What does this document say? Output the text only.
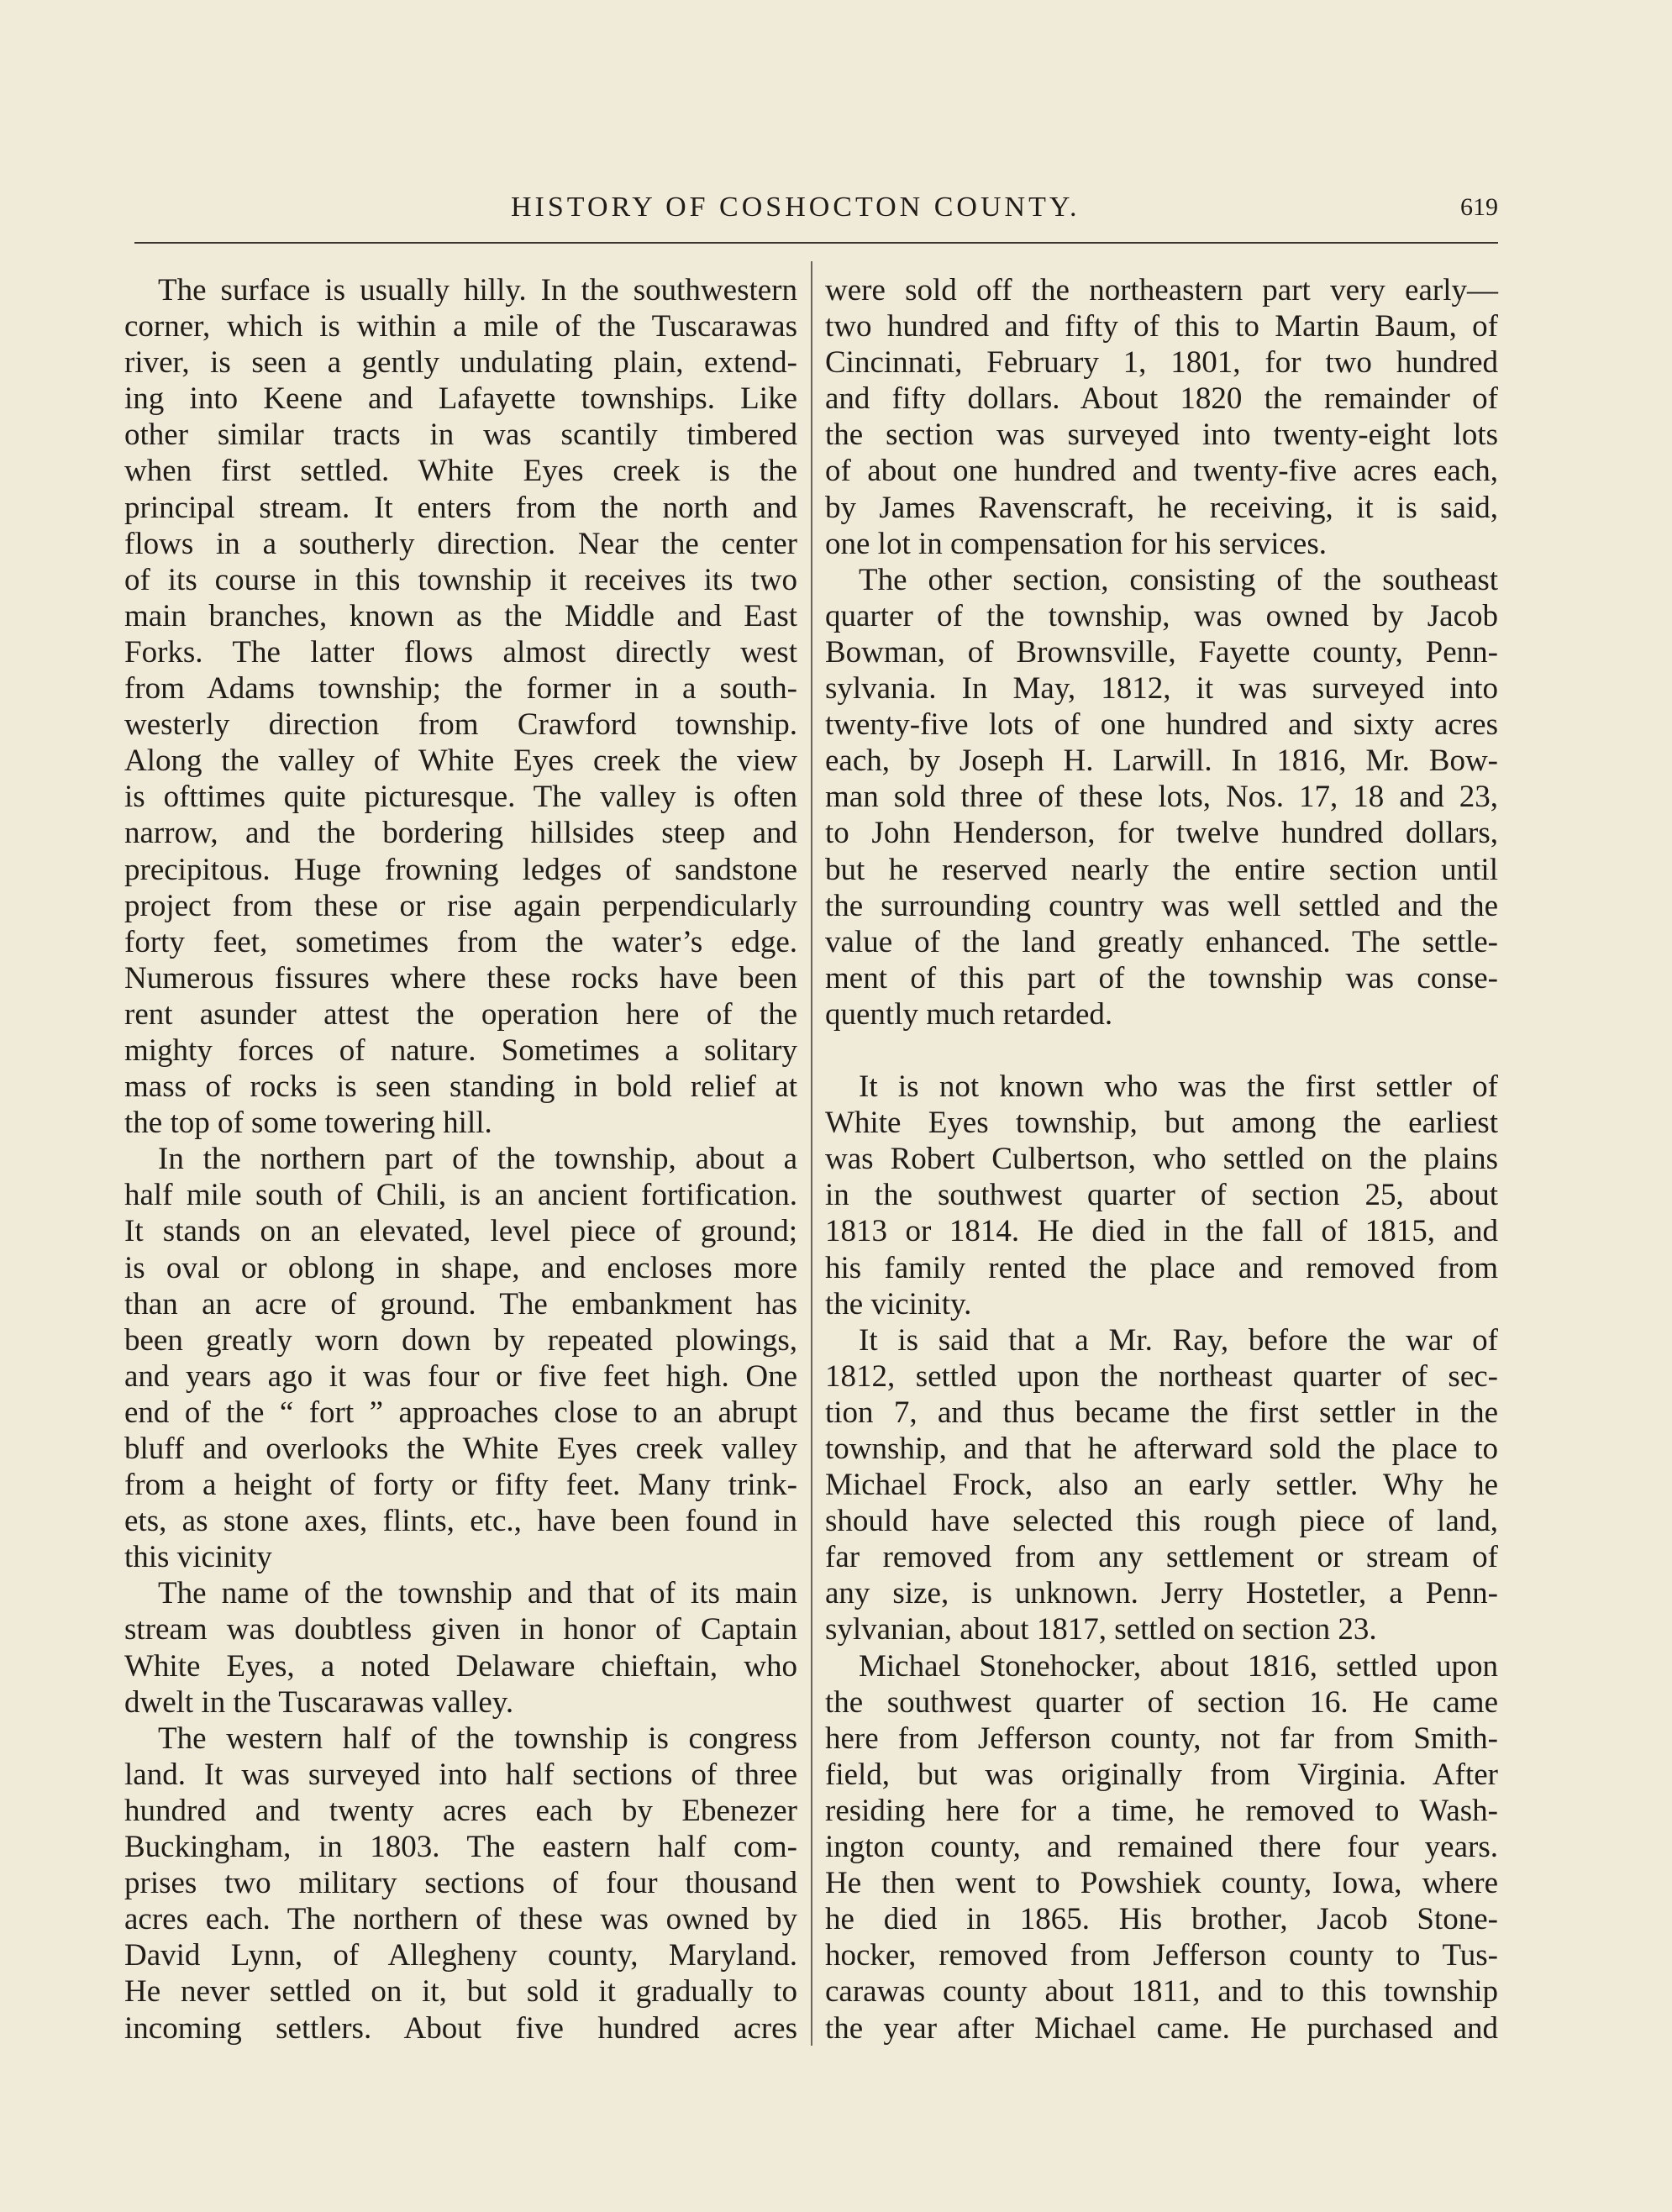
HISTORY OF COSHOCTON COUNTY.	619
The surface is usually hilly. In the southwestern
corner, which is within a mile of the Tuscarawas
river, is seen a gently undulating plain, extend-
ing into Keene and Lafayette townships. Like
other similar tracts in was scantily timbered
when first settled. White Eyes creek is the
principal stream. It enters from the north and
flows in a southerly direction. Near the center
of its course in this township it receives its two
main branches, known as the Middle and East
Forks. The latter flows almost directly west
from Adams township; the former in a south-
westerly direction from Crawford township.
Along the valley of White Eyes creek the view
is ofttimes quite picturesque. The valley is often
narrow, and the bordering hillsides steep and
precipitous. Huge frowning ledges of sandstone
project from these or rise again perpendicularly
forty feet, sometimes from the water’s edge.
Numerous fissures where these rocks have been
rent asunder attest the operation here of the
mighty forces of nature. Sometimes a solitary
mass of rocks is seen standing in bold relief at
the top of some towering hill.
In the northern part of the township, about a
half mile south of Chili, is an ancient fortification.
It stands on an elevated, level piece of ground;
is oval or oblong in shape, and encloses more
than an acre of ground. The embankment has
been greatly worn down by repeated plowings,
and years ago it was four or five feet high. One
end of the “ fort ” approaches close to an abrupt
bluff and overlooks the White Eyes creek valley
from a height of forty or fifty feet. Many trink-
ets, as stone axes, flints, etc., have been found in
this vicinity
The name of the township and that of its main
stream was doubtless given in honor of Captain
White Eyes, a noted Delaware chieftain, who
dwelt in the Tuscarawas valley.
The western half of the township is congress
land. It was surveyed into half sections of three
hundred and twenty acres each by Ebenezer
Buckingham, in 1803. The eastern half com-
prises two military sections of four thousand
acres each. The northern of these was owned by
David Lynn, of Allegheny county, Maryland.
He never settled on it, but sold it gradually to
incoming settlers. About five hundred acres
were sold off the northeastern part very early—
two hundred and fifty of this to Martin Baum, of
Cincinnati, February 1, 1801, for two hundred
and fifty dollars. About 1820 the remainder of
the section was surveyed into twenty-eight lots
of about one hundred and twenty-five acres each,
by James Ravenscraft, he receiving, it is said,
one lot in compensation for his services.
The other section, consisting of the southeast
quarter of the township, was owned by Jacob
Bowman, of Brownsville, Fayette county, Penn-
sylvania. In May, 1812, it was surveyed into
twenty-five lots of one hundred and sixty acres
each, by Joseph H. Larwill. In 1816, Mr. Bow-
man sold three of these lots, Nos. 17, 18 and 23,
to John Henderson, for twelve hundred dollars,
but he reserved nearly the entire section until
the surrounding country was well settled and the
value of the land greatly enhanced. The settle-
ment of this part of the township was conse-
quently much retarded.
It is not known who was the first settler of
White Eyes township, but among the earliest
was Robert Culbertson, who settled on the plains
in the southwest quarter of section 25, about
1813 or 1814. He died in the fall of 1815, and
his family rented the place and removed from
the vicinity.
It is said that a Mr. Ray, before the war of
1812, settled upon the northeast quarter of sec-
tion 7, and thus became the first settler in the
township, and that he afterward sold the place to
Michael Frock, also an early settler. Why he
should have selected this rough piece of land,
far removed from any settlement or stream of
any size, is unknown. Jerry Hostetler, a Penn-
sylvanian, about 1817, settled on section 23.
Michael Stonehocker, about 1816, settled upon
the southwest quarter of section 16. He came
here from Jefferson county, not far from Smith-
field, but was originally from Virginia. After
residing here for a time, he removed to Wash-
ington county, and remained there four years.
He then went to Powshiek county, Iowa, where
he died in 1865. His brother, Jacob Stone-
hocker, removed from Jefferson county to Tus-
carawas county about 1811, and to this township
the year after Michael came. He purchased and
